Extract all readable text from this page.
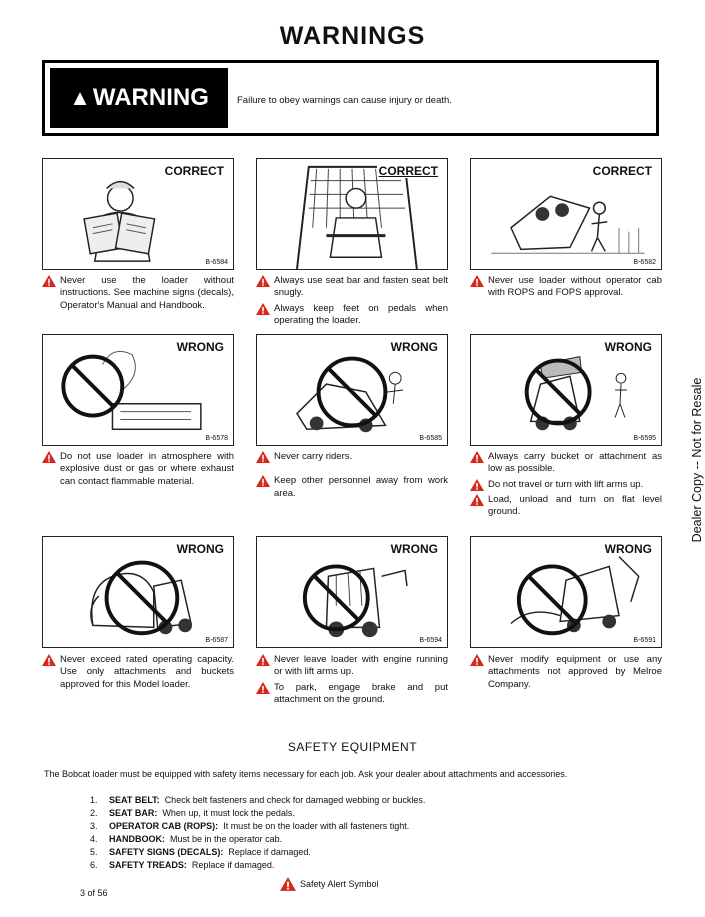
WARNINGS
▲ WARNING	Failure to obey warnings can cause injury or death.
CORRECT
B-6584
CORRECT	CORRECT
B-6582
WRONG
B-6578
WRONG
B-6585
WRONG
B-6595
WRONG
B-6587
WRONG
B-6594
WRONG
B-6591
Never use the loader without instructions. See machine signs (decals), Operator's Manual and Handbook.
Always use seat bar and fasten seat belt snugly.
Always keep feet on pedals when operating the loader.
Never use loader without operator cab with ROPS and FOPS approval.
Do not use loader in atmosphere with explosive dust or gas or where exhaust can contact flammable material.
Never carry riders.
Keep other personnel away from work area.
Always carry bucket or attachment as low as possible.
Do not travel or turn with lift arms up.
Load, unload and turn on flat level ground.
Never exceed rated operating capacity. Use only attachments and buckets approved for this Model loader.
Never leave loader with engine running or with lift arms up.
To park, engage brake and put attachment on the ground.
Never modify equipment or use any attachments not approved by Melroe Company.
SAFETY EQUIPMENT
The Bobcat loader must be equipped with safety items necessary for each job. Ask your dealer about attachments and accessories.
1. SEAT BELT: Check belt fasteners and check for damaged webbing or buckles.
2. SEAT BAR: When up, it must lock the pedals.
3. OPERATOR CAB (ROPS): It must be on the loader with all fasteners tight.
4. HANDBOOK: Must be in the operator cab.
5. SAFETY SIGNS (DECALS): Replace if damaged.
6. SAFETY TREADS: Replace if damaged.
Safety Alert Symbol
3 of 56
Dealer Copy -- Not for Resale
